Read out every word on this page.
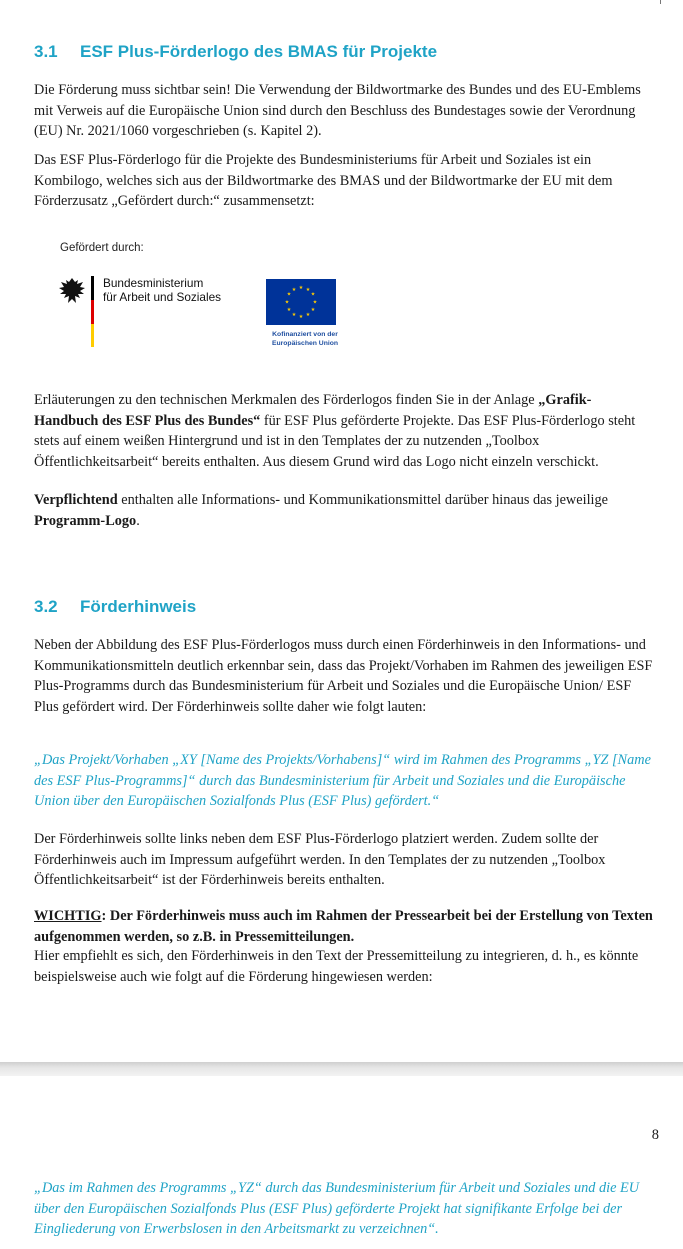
3.1 ESF Plus-Förderlogo des BMAS für Projekte

Die Förderung muss sichtbar sein! Die Verwendung der Bildwortmarke des Bundes und des EU-Emblems mit Verweis auf die Europäische Union sind durch den Beschluss des Bundestages sowie der Verordnung (EU) Nr. 2021/1060 vorgeschrieben (s. Kapitel 2).

Das ESF Plus-Förderlogo für die Projekte des Bundesministeriums für Arbeit und Soziales ist ein Kombilogo, welches sich aus der Bildwortmarke des BMAS und der Bildwortmarke der EU mit dem Förderzusatz „Gefördert durch:“ zusammensetzt:

Gefördert durch:
Bundesministerium
für Arbeit und Soziales
★ ★
★
★
★
★
★
★
★
★
★
★
Kofinanziert von der
Europäischen Union

Erläuterungen zu den technischen Merkmalen des Förderlogos finden Sie in der Anlage „Grafik-Handbuch des ESF Plus des Bundes“ für ESF Plus geförderte Projekte. Das ESF Plus-Förderlogo steht stets auf einem weißen Hintergrund und ist in den Templates der zu nutzenden „Toolbox Öffentlichkeitsarbeit“ bereits enthalten. Aus diesem Grund wird das Logo nicht einzeln verschickt.

Verpflichtend enthalten alle Informations- und Kommunikationsmittel darüber hinaus das jeweilige Programm-Logo.

3.2 Förderhinweis

Neben der Abbildung des ESF Plus-Förderlogos muss durch einen Förderhinweis in den Informations- und Kommunikationsmitteln deutlich erkennbar sein, dass das Projekt/Vorhaben im Rahmen des jeweiligen ESF Plus-Programms durch das Bundesministerium für Arbeit und Soziales und die Europäische Union/ ESF Plus gefördert wird. Der Förderhinweis sollte daher wie folgt lauten:

„Das Projekt/Vorhaben „XY [Name des Projekts/Vorhabens]“ wird im Rahmen des Programms „YZ [Name des ESF Plus-Programms]“ durch das Bundesministerium für Arbeit und Soziales und die Europäische Union über den Europäischen Sozialfonds Plus (ESF Plus) gefördert.“

Der Förderhinweis sollte links neben dem ESF Plus-Förderlogo platziert werden. Zudem sollte der Förderhinweis auch im Impressum aufgeführt werden. In den Templates der zu nutzenden „Toolbox Öffentlichkeitsarbeit“ ist der Förderhinweis bereits enthalten.

WICHTIG: Der Förderhinweis muss auch im Rahmen der Pressearbeit bei der Erstellung von Texten aufgenommen werden, so z.B. in Pressemitteilungen.

Hier empfiehlt es sich, den Förderhinweis in den Text der Pressemitteilung zu integrieren, d. h., es könnte beispielsweise auch wie folgt auf die Förderung hingewiesen werden:

8

„Das im Rahmen des Programms „YZ“ durch das Bundesministerium für Arbeit und Soziales und die EU über den Europäischen Sozialfonds Plus (ESF Plus) geförderte Projekt hat signifikante Erfolge bei der Eingliederung von Erwerbslosen in den Arbeitsmarkt zu verzeichnen“.
